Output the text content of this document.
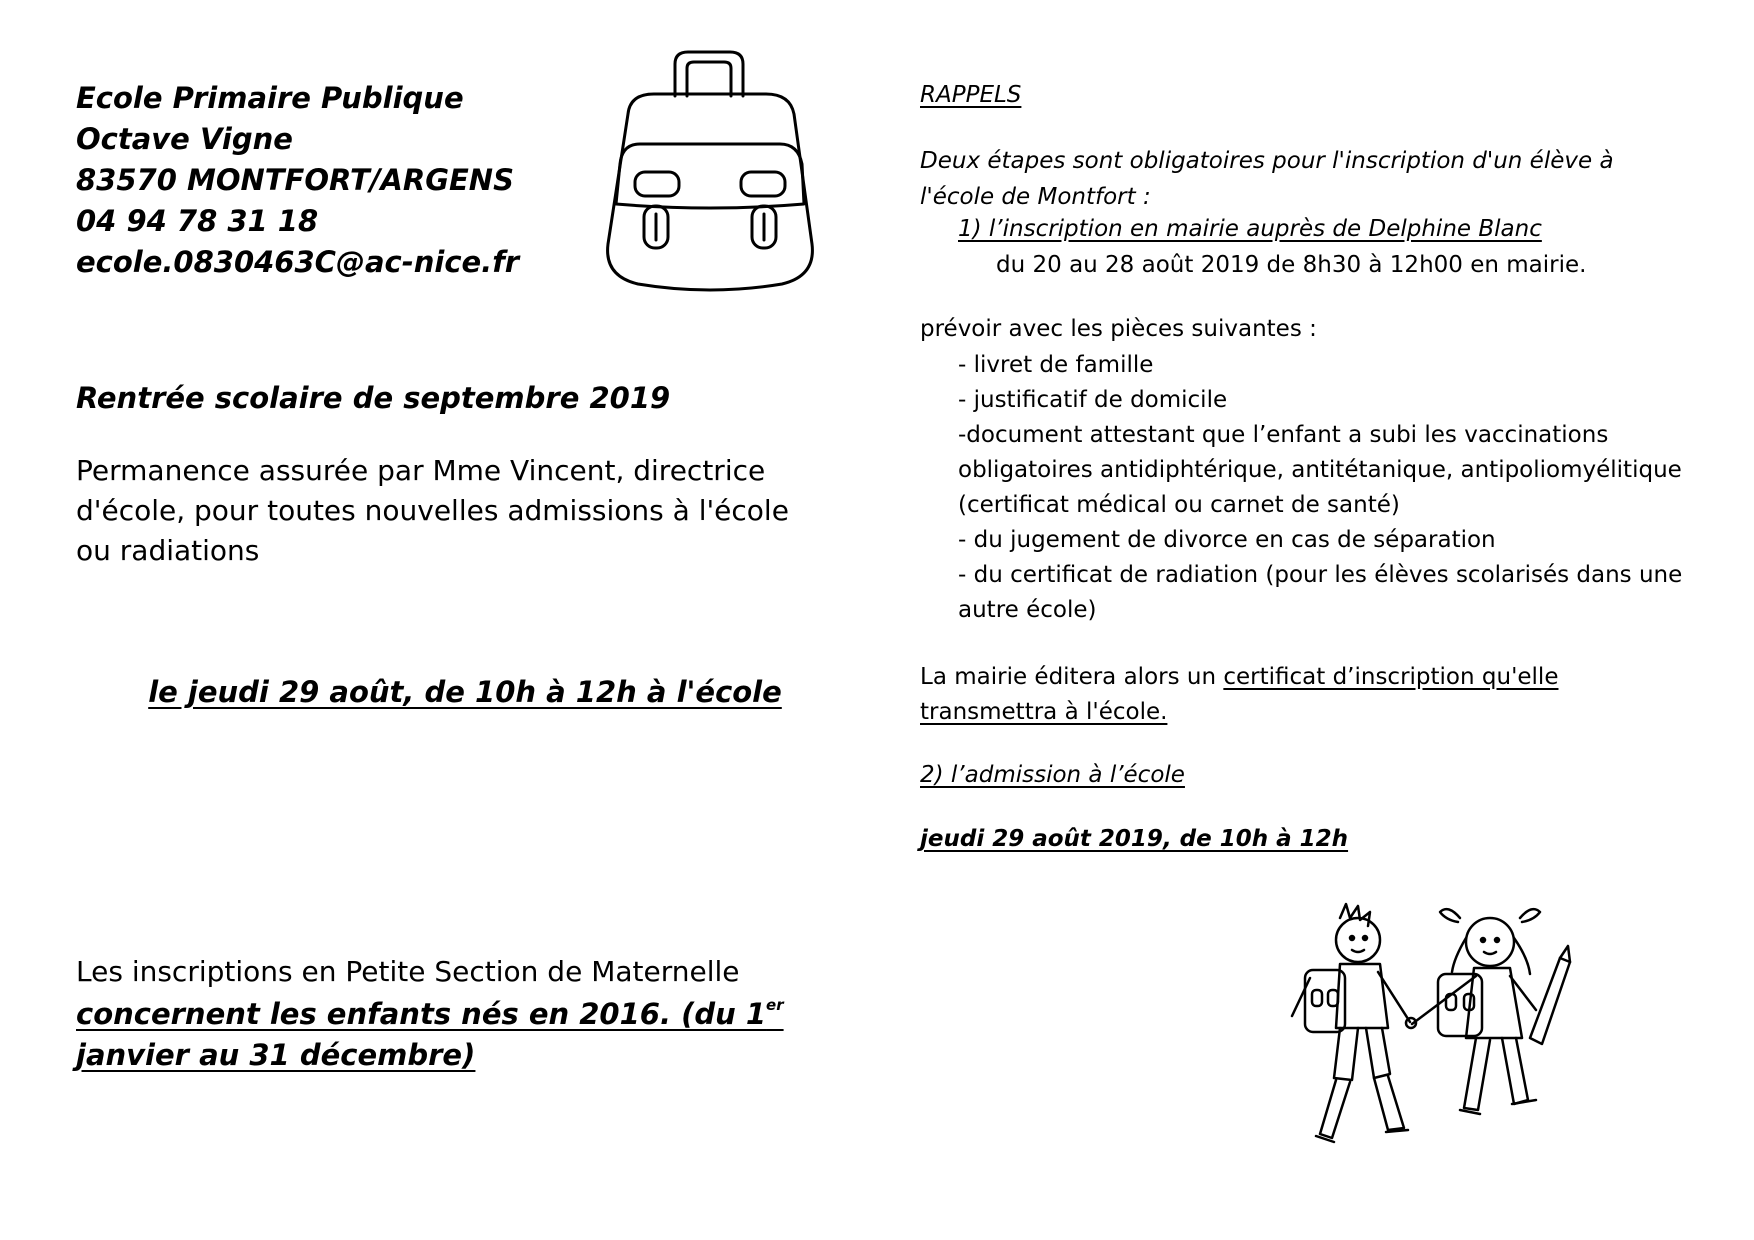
Ecole Primaire Publique
Octave Vigne
83570 MONTFORT/ARGENS
04 94 78 31 18
ecole.0830463C@ac-nice.fr
Rentrée scolaire de septembre 2019
Permanence assurée par Mme Vincent, directrice d'école, pour toutes nouvelles admissions à l'école ou radiations
le jeudi 29 août, de 10h à 12h à l'école
Les inscriptions en Petite Section de Maternelle
concernent les enfants nés en 2016. (du 1er janvier au 31 décembre)
RAPPELS
Deux étapes sont obligatoires pour l'inscription d'un élève à l'école de Montfort :
1) l’inscription en mairie auprès de Delphine Blanc
du 20 au 28 août 2019 de 8h30 à 12h00 en mairie.
prévoir avec les pièces suivantes :
- livret de famille
- justificatif de domicile
-document attestant que l’enfant a subi les vaccinations obligatoires antidiphtérique, antitétanique, antipoliomyélitique (certificat médical ou carnet de santé)
- du jugement de divorce en cas de séparation
- du certificat de radiation (pour les élèves scolarisés dans une autre école)
La mairie éditera alors un certificat d’inscription qu'elle transmettra à l'école.
2) l’admission à l’école
jeudi 29 août 2019, de 10h à 12h
